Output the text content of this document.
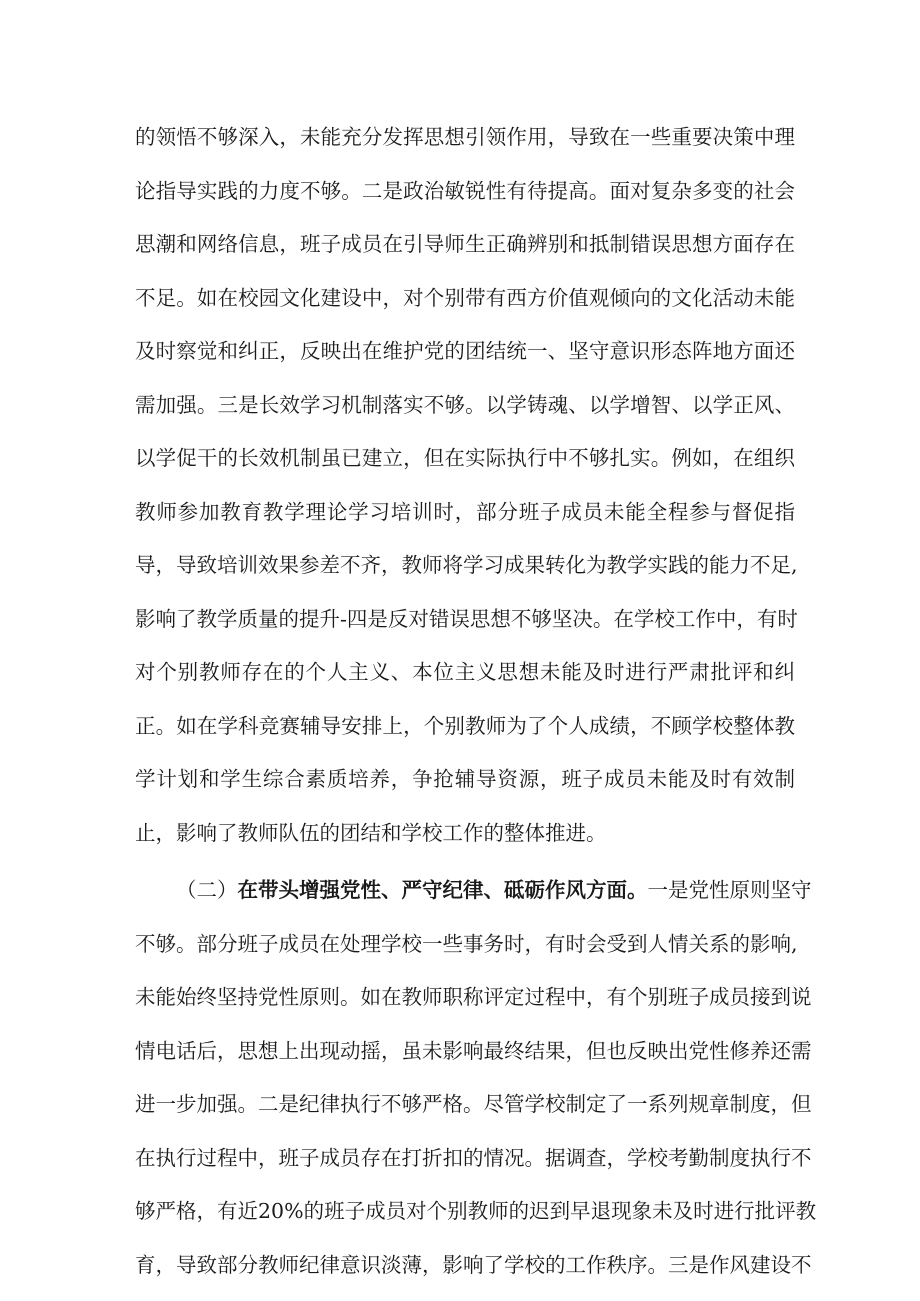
的领悟不够深入，未能充分发挥思想引领作用，导致在一些重要决策中理
论指导实践的力度不够。二是政治敏锐性有待提高。面对复杂多变的社会
思潮和网络信息，班子成员在引导师生正确辨别和抵制错误思想方面存在
不足。如在校园文化建设中，对个别带有西方价值观倾向的文化活动未能
及时察觉和纠正，反映出在维护党的团结统一、坚守意识形态阵地方面还
需加强。三是长效学习机制落实不够。以学铸魂、以学增智、以学正风、
以学促干的长效机制虽已建立，但在实际执行中不够扎实。例如，在组织
教师参加教育教学理论学习培训时，部分班子成员未能全程参与督促指
导，导致培训效果参差不齐，教师将学习成果转化为教学实践的能力不足,
影响了教学质量的提升-四是反对错误思想不够坚决。在学校工作中，有时
对个别教师存在的个人主义、本位主义思想未能及时进行严肃批评和纠
正。如在学科竞赛辅导安排上，个别教师为了个人成绩，不顾学校整体教
学计划和学生综合素质培养，争抢辅导资源，班子成员未能及时有效制
止，影响了教师队伍的团结和学校工作的整体推进。
（二）在带头增强党性、严守纪律、砥砺作风方面。一是党性原则坚守
不够。部分班子成员在处理学校一些事务时，有时会受到人情关系的影响,
未能始终坚持党性原则。如在教师职称评定过程中，有个别班子成员接到说
情电话后，思想上出现动摇，虽未影响最终结果，但也反映出党性修养还需
进一步加强。二是纪律执行不够严格。尽管学校制定了一系列规章制度，但
在执行过程中，班子成员存在打折扣的情况。据调查，学校考勤制度执行不
够严格，有近20%的班子成员对个别教师的迟到早退现象未及时进行批评教
育，导致部分教师纪律意识淡薄，影响了学校的工作秩序。三是作风建设不
